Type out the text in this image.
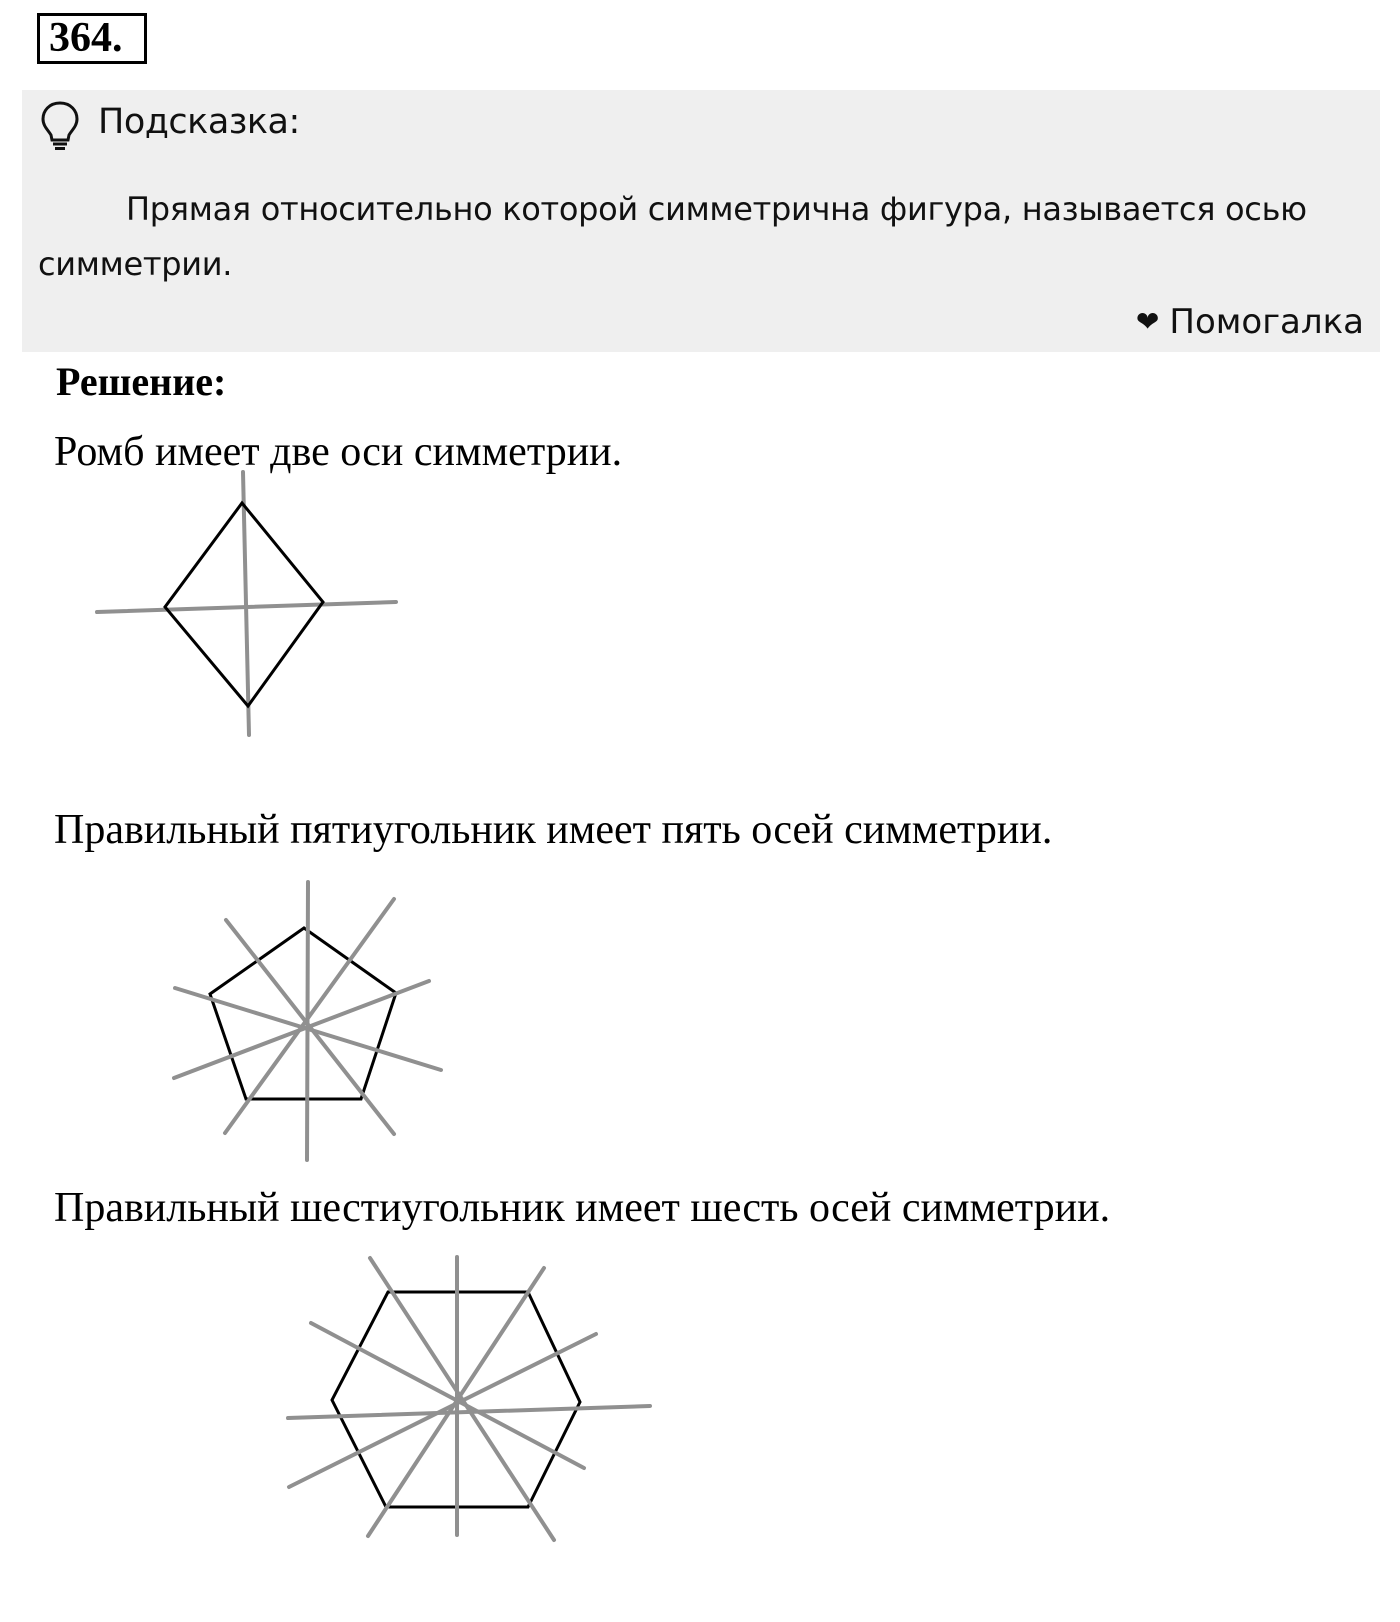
364.
Подсказка:
Прямая относительно которой симметрична фигура, называется осью симметрии.
❤ Помогалка
Решение:
Ромб имеет две оси симметрии.
Правильный пятиугольник имеет пять осей симметрии.
Правильный шестиугольник имеет шесть осей симметрии.
